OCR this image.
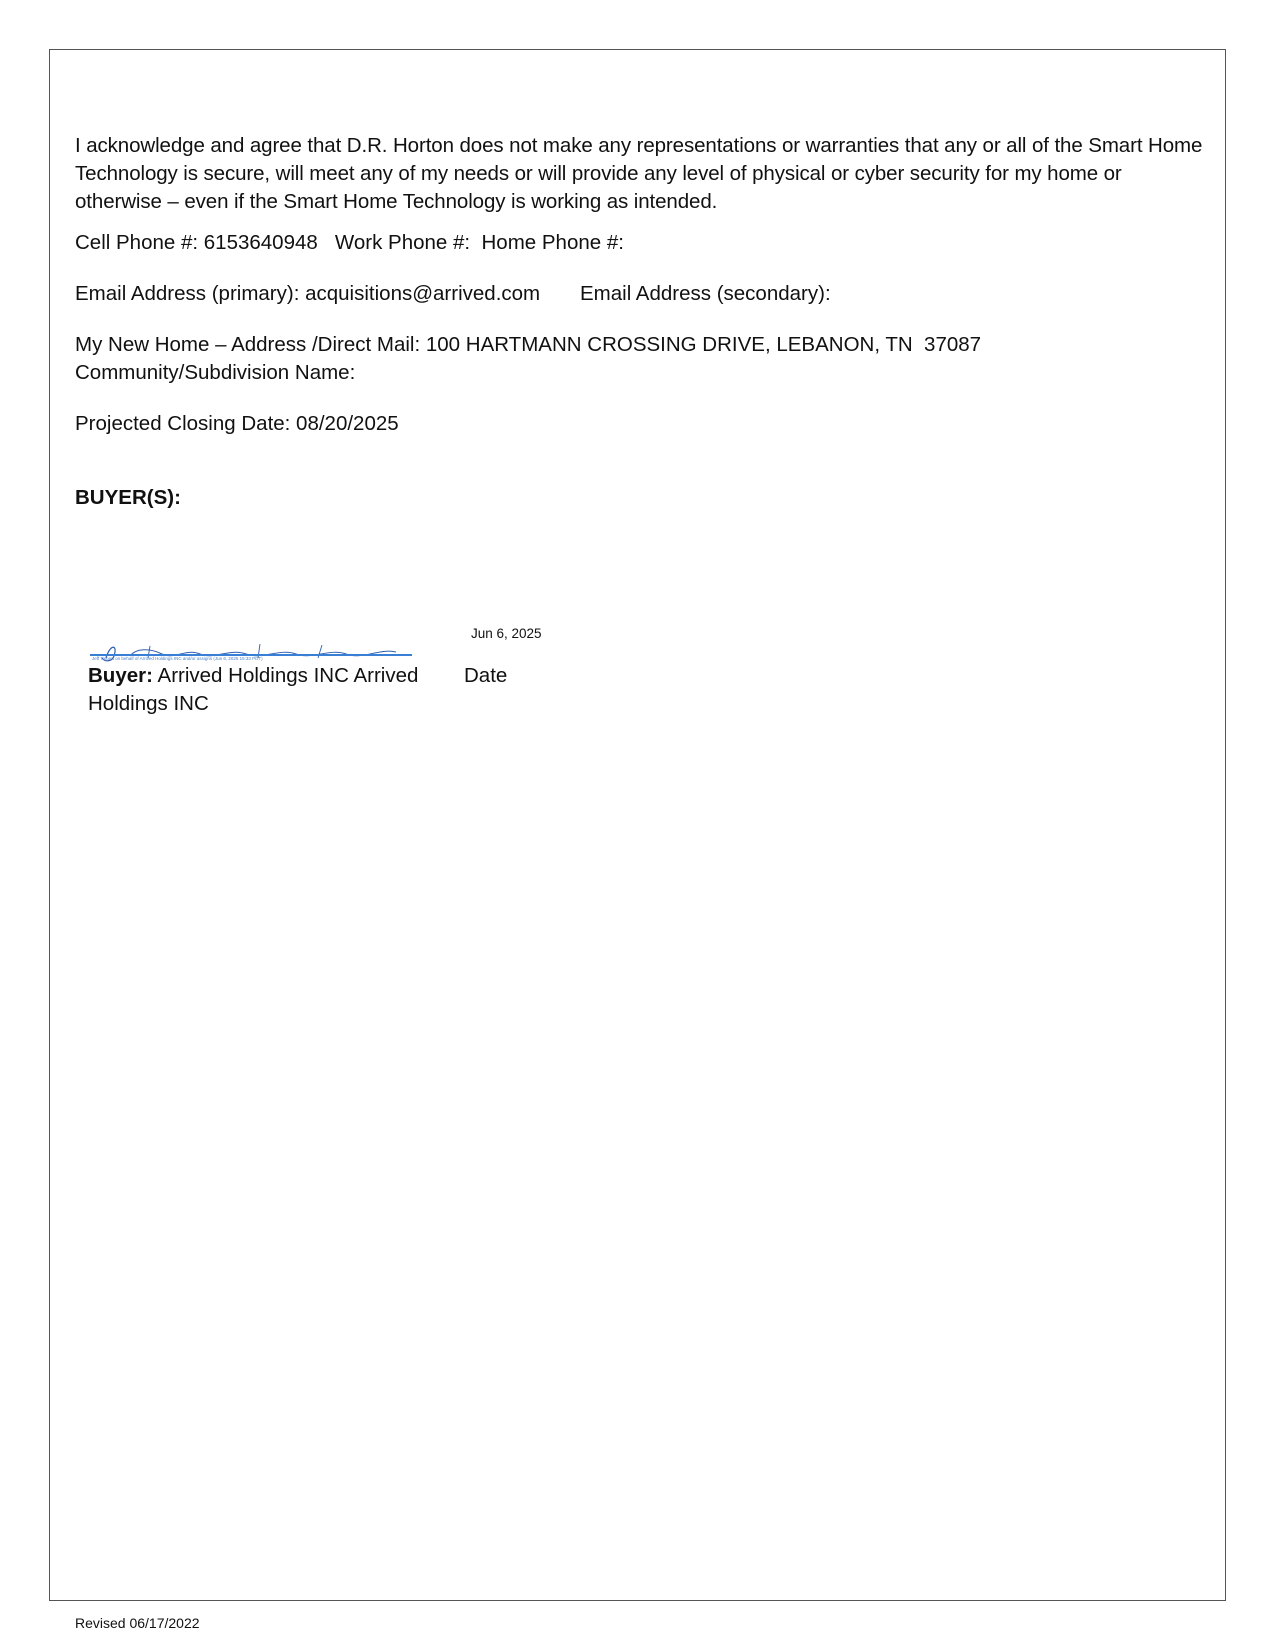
I acknowledge and agree that D.R. Horton does not make any representations or warranties that any or all of the Smart Home Technology is secure, will meet any of my needs or will provide any level of physical or cyber security for my home or otherwise – even if the Smart Home Technology is working as intended.
Cell Phone #: 6153640948   Work Phone #:  Home Phone #:
Email Address (primary): acquisitions@arrived.com       Email Address (secondary):
My New Home – Address /Direct Mail: 100 HARTMANN CROSSING DRIVE, LEBANON, TN  37087
Community/Subdivision Name:
Projected Closing Date: 08/20/2025
BUYER(S):
Jun 6, 2025
Jeff Talbert on behalf of Arrived Holdings INC and/or assigns (Jun 6, 2025 15:33 PDT)
Buyer: Arrived Holdings INC Arrived Holdings INC
Date
Revised 06/17/2022
